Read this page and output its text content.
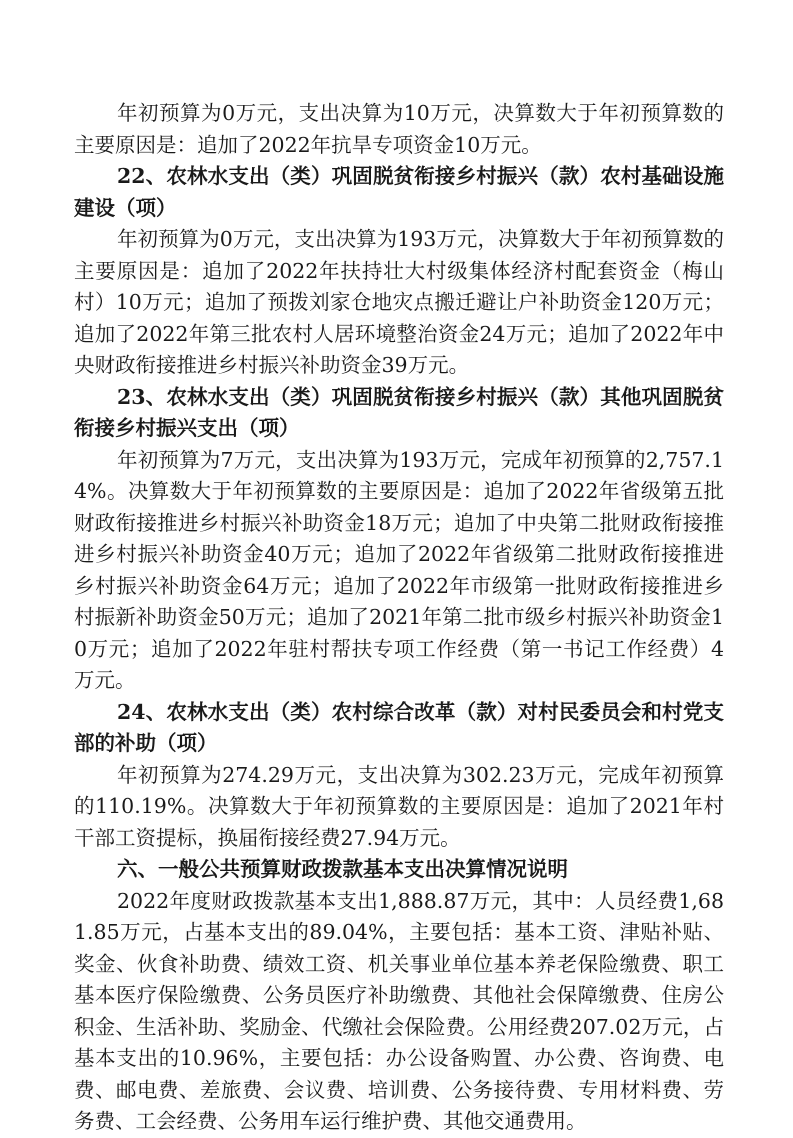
年初预算为0万元，支出决算为10万元，决算数大于年初预算数的主要原因是：追加了2022年抗旱专项资金10万元。

22、农林水支出（类）巩固脱贫衔接乡村振兴（款）农村基础设施建设（项）

年初预算为0万元，支出决算为193万元，决算数大于年初预算数的主要原因是：追加了2022年扶持壮大村级集体经济村配套资金（梅山村）10万元；追加了预拨刘家仓地灾点搬迁避让户补助资金120万元；追加了2022年第三批农村人居环境整治资金24万元；追加了2022年中央财政衔接推进乡村振兴补助资金39万元。

23、农林水支出（类）巩固脱贫衔接乡村振兴（款）其他巩固脱贫衔接乡村振兴支出（项）

年初预算为7万元，支出决算为193万元，完成年初预算的2,757.14%。决算数大于年初预算数的主要原因是：追加了2022年省级第五批财政衔接推进乡村振兴补助资金18万元；追加了中央第二批财政衔接推进乡村振兴补助资金40万元；追加了2022年省级第二批财政衔接推进乡村振兴补助资金64万元；追加了2022年市级第一批财政衔接推进乡村振新补助资金50万元；追加了2021年第二批市级乡村振兴补助资金10万元；追加了2022年驻村帮扶专项工作经费（第一书记工作经费）4万元。

24、农林水支出（类）农村综合改革（款）对村民委员会和村党支部的补助（项）

年初预算为274.29万元，支出决算为302.23万元，完成年初预算的110.19%。决算数大于年初预算数的主要原因是：追加了2021年村干部工资提标，换届衔接经费27.94万元。

六、一般公共预算财政拨款基本支出决算情况说明

2022年度财政拨款基本支出1,888.87万元，其中：人员经费1,681.85万元，占基本支出的89.04%，主要包括：基本工资、津贴补贴、奖金、伙食补助费、绩效工资、机关事业单位基本养老保险缴费、职工基本医疗保险缴费、公务员医疗补助缴费、其他社会保障缴费、住房公积金、生活补助、奖励金、代缴社会保险费。公用经费207.02万元，占基本支出的10.96%，主要包括：办公设备购置、办公费、咨询费、电费、邮电费、差旅费、会议费、培训费、公务接待费、专用材料费、劳务费、工会经费、公务用车运行维护费、其他交通费用。
